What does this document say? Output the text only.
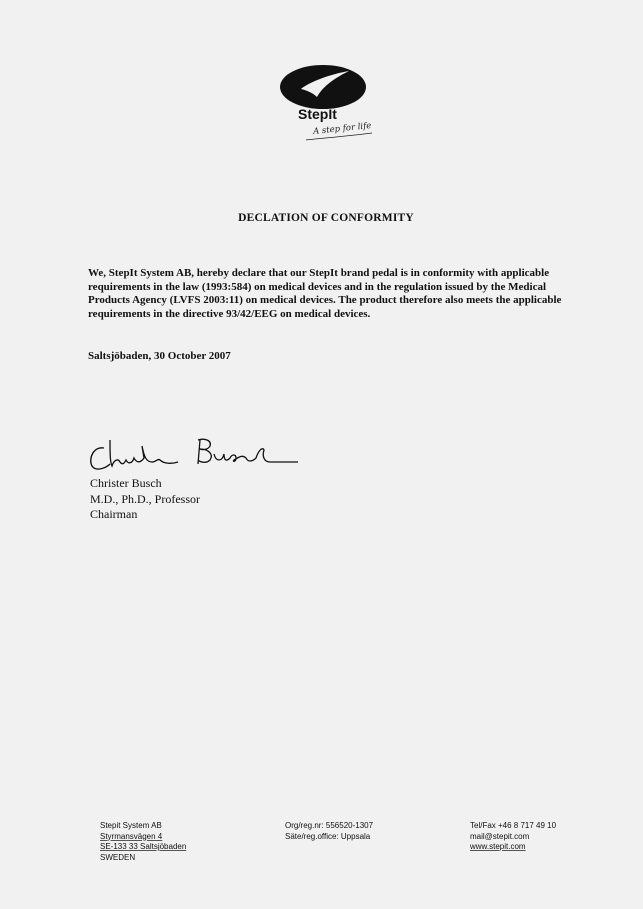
StepIt
A step for life
DECLATION OF CONFORMITY
We, StepIt System AB, hereby declare that our StepIt brand pedal is in conformity with applicable requirements in the law (1993:584) on medical devices and in the regulation issued by the Medical Products Agency (LVFS 2003:11) on medical devices. The product therefore also meets the applicable requirements in the directive 93/42/EEG on medical devices.
Saltsjöbaden, 30 October 2007
Christer Busch
M.D., Ph.D., Professor
Chairman
Stepit System AB
Styrmansvägen 4
SE-133 33 Saltsjöbaden
SWEDEN
Org/reg.nr: 556520-1307
Säte/reg.office: Uppsala
Tel/Fax +46 8 717 49 10
mail@stepit.com
www.stepit.com
